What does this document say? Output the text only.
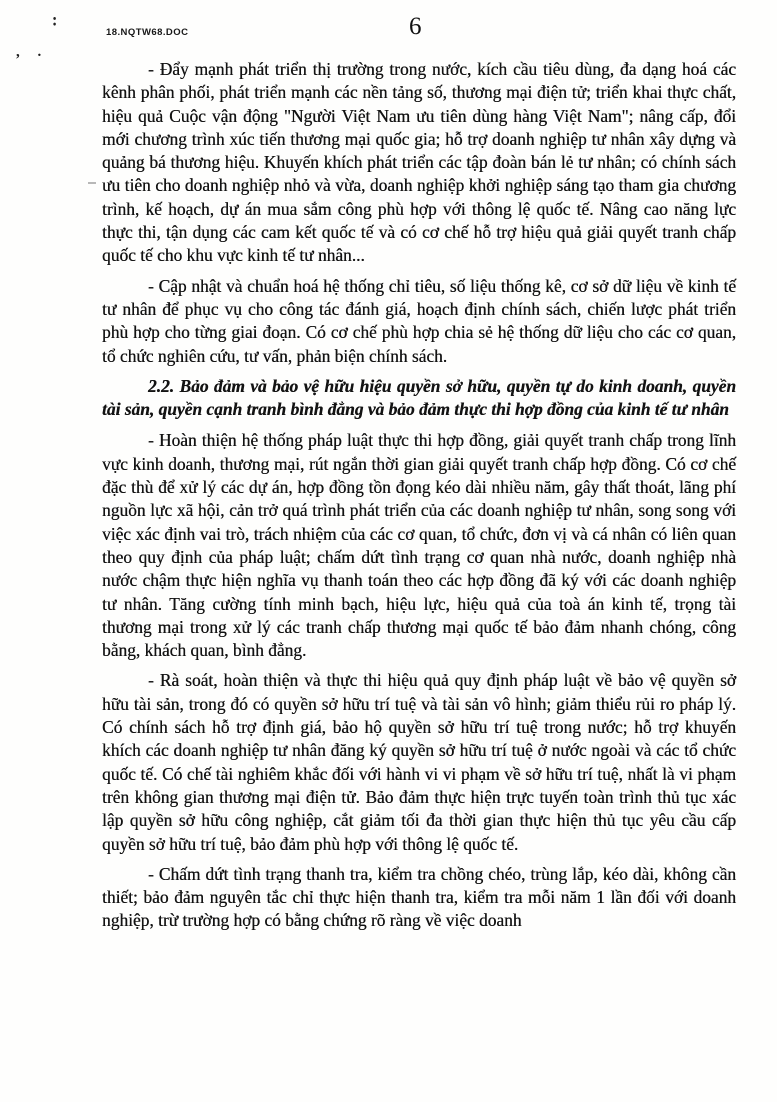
:
, .
18.NQTW68.DOC	6

- Đẩy mạnh phát triển thị trường trong nước, kích cầu tiêu dùng, đa dạng hoá các kênh phân phối, phát triển mạnh các nền tảng số, thương mại điện tử; triển khai thực chất, hiệu quả Cuộc vận động "Người Việt Nam ưu tiên dùng hàng Việt Nam"; nâng cấp, đổi mới chương trình xúc tiến thương mại quốc gia; hỗ trợ doanh nghiệp tư nhân xây dựng và quảng bá thương hiệu. Khuyến khích phát triển các tập đoàn bán lẻ tư nhân; có chính sách ưu tiên cho doanh nghiệp nhỏ và vừa, doanh nghiệp khởi nghiệp sáng tạo tham gia chương trình, kế hoạch, dự án mua sắm công phù hợp với thông lệ quốc tế. Nâng cao năng lực thực thi, tận dụng các cam kết quốc tế và có cơ chế hỗ trợ hiệu quả giải quyết tranh chấp quốc tế cho khu vực kinh tế tư nhân...

- Cập nhật và chuẩn hoá hệ thống chỉ tiêu, số liệu thống kê, cơ sở dữ liệu về kinh tế tư nhân để phục vụ cho công tác đánh giá, hoạch định chính sách, chiến lược phát triển phù hợp cho từng giai đoạn. Có cơ chế phù hợp chia sẻ hệ thống dữ liệu cho các cơ quan, tổ chức nghiên cứu, tư vấn, phản biện chính sách.

2.2. Bảo đảm và bảo vệ hữu hiệu quyền sở hữu, quyền tự do kinh doanh, quyền tài sản, quyền cạnh tranh bình đẳng và bảo đảm thực thi hợp đồng của kinh tế tư nhân

- Hoàn thiện hệ thống pháp luật thực thi hợp đồng, giải quyết tranh chấp trong lĩnh vực kinh doanh, thương mại, rút ngắn thời gian giải quyết tranh chấp hợp đồng. Có cơ chế đặc thù để xử lý các dự án, hợp đồng tồn đọng kéo dài nhiều năm, gây thất thoát, lãng phí nguồn lực xã hội, cản trở quá trình phát triển của các doanh nghiệp tư nhân, song song với việc xác định vai trò, trách nhiệm của các cơ quan, tổ chức, đơn vị và cá nhân có liên quan theo quy định của pháp luật; chấm dứt tình trạng cơ quan nhà nước, doanh nghiệp nhà nước chậm thực hiện nghĩa vụ thanh toán theo các hợp đồng đã ký với các doanh nghiệp tư nhân. Tăng cường tính minh bạch, hiệu lực, hiệu quả của toà án kinh tế, trọng tài thương mại trong xử lý các tranh chấp thương mại quốc tế bảo đảm nhanh chóng, công bằng, khách quan, bình đẳng.

- Rà soát, hoàn thiện và thực thi hiệu quả quy định pháp luật về bảo vệ quyền sở hữu tài sản, trong đó có quyền sở hữu trí tuệ và tài sản vô hình; giảm thiểu rủi ro pháp lý. Có chính sách hỗ trợ định giá, bảo hộ quyền sở hữu trí tuệ trong nước; hỗ trợ khuyến khích các doanh nghiệp tư nhân đăng ký quyền sở hữu trí tuệ ở nước ngoài và các tổ chức quốc tế. Có chế tài nghiêm khắc đối với hành vi vi phạm về sở hữu trí tuệ, nhất là vi phạm trên không gian thương mại điện tử. Bảo đảm thực hiện trực tuyến toàn trình thủ tục xác lập quyền sở hữu công nghiệp, cắt giảm tối đa thời gian thực hiện thủ tục yêu cầu cấp quyền sở hữu trí tuệ, bảo đảm phù hợp với thông lệ quốc tế.

- Chấm dứt tình trạng thanh tra, kiểm tra chồng chéo, trùng lắp, kéo dài, không cần thiết; bảo đảm nguyên tắc chỉ thực hiện thanh tra, kiểm tra mỗi năm 1 lần đối với doanh nghiệp, trừ trường hợp có bằng chứng rõ ràng về việc doanh
